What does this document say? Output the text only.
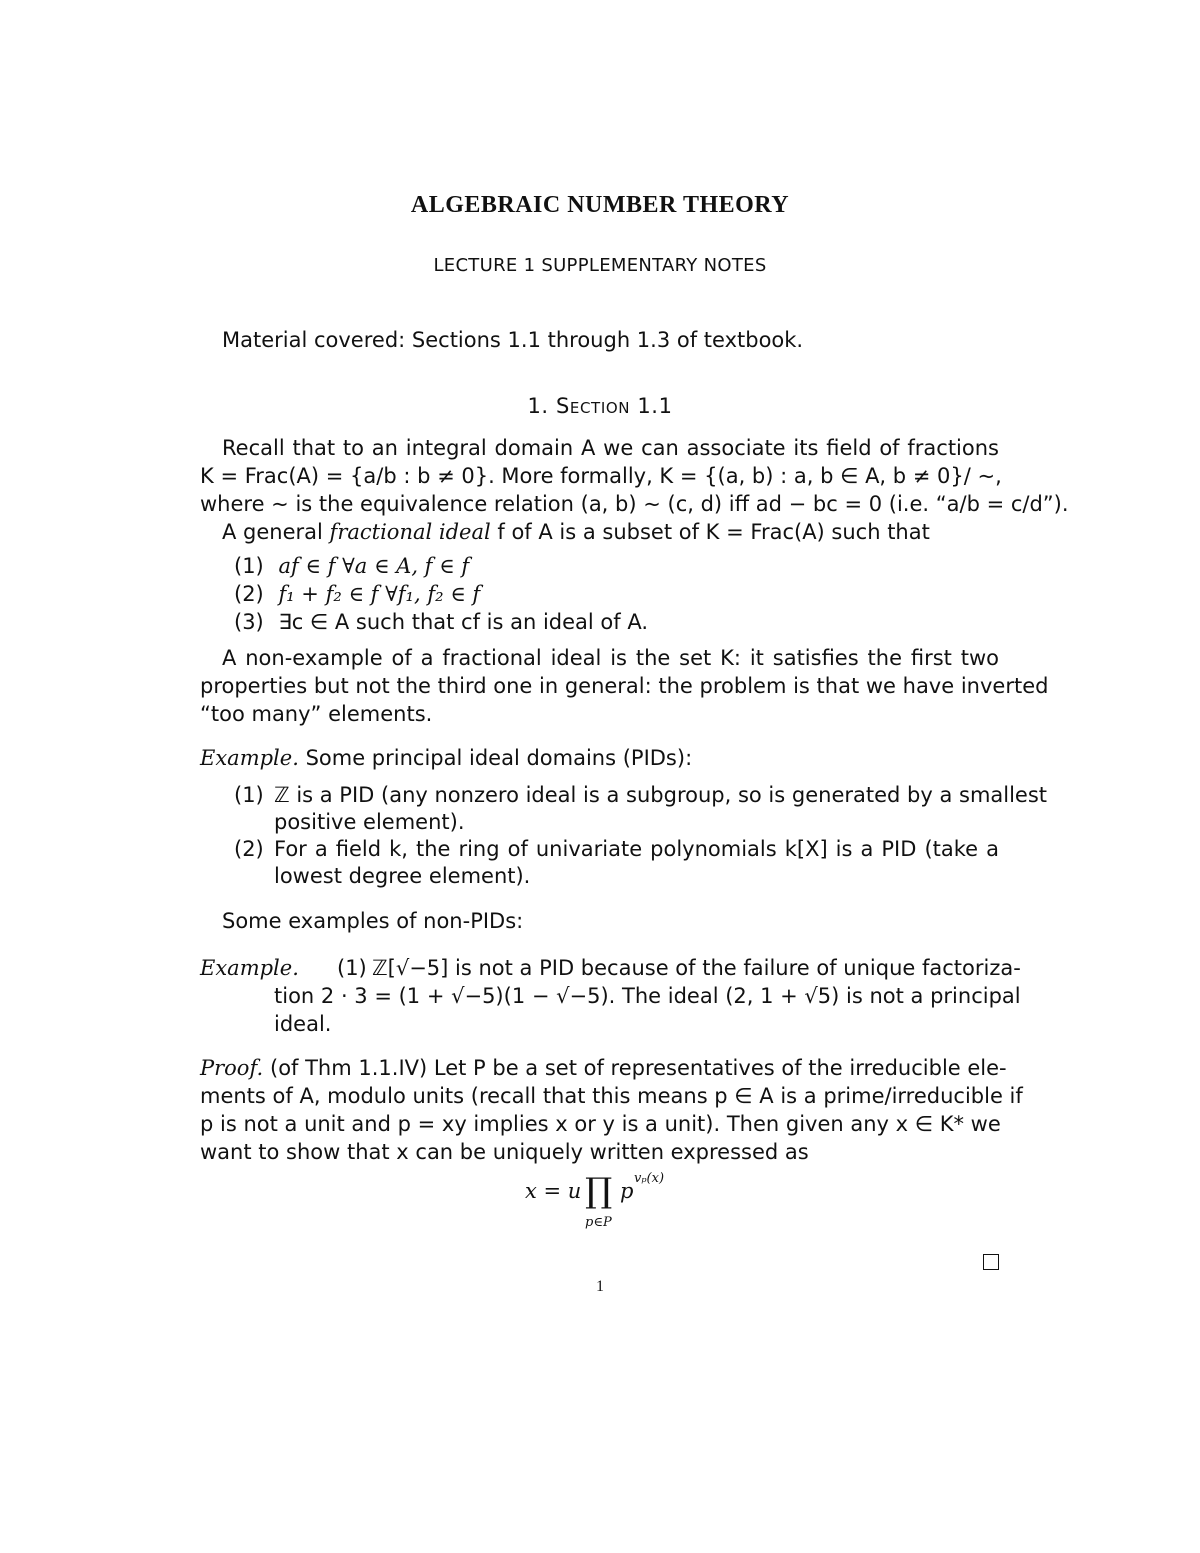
ALGEBRAIC NUMBER THEORY
LECTURE 1 SUPPLEMENTARY NOTES
Material covered: Sections 1.1 through 1.3 of textbook.
1. Section 1.1
Recall that to an integral domain A we can associate its field of fractions
K = Frac(A) = {a/b : b ≠ 0}. More formally, K = {(a, b) : a, b ∈ A, b ≠ 0}/ ∼,
where ∼ is the equivalence relation (a, b) ∼ (c, d) iff ad − bc = 0 (i.e. “a/b = c/d”).
A general fractional ideal f of A is a subset of K = Frac(A) such that
(1) af ∈ f ∀a ∈ A, f ∈ f
(2) f₁ + f₂ ∈ f ∀f₁, f₂ ∈ f
(3) ∃c ∈ A such that cf is an ideal of A.
A non-example of a fractional ideal is the set K: it satisfies the first two
properties but not the third one in general: the problem is that we have inverted
“too many” elements.
Example. Some principal ideal domains (PIDs):
(1) ℤ is a PID (any nonzero ideal is a subgroup, so is generated by a smallest
positive element).
(2) For a field k, the ring of univariate polynomials k[X] is a PID (take a
lowest degree element).
Some examples of non-PIDs:
Example. (1) ℤ[√−5] is not a PID because of the failure of unique factoriza-
tion 2 · 3 = (1 + √−5)(1 − √−5). The ideal (2, 1 + √5) is not a principal
ideal.
Proof. (of Thm 1.1.IV) Let P be a set of representatives of the irreducible ele-
ments of A, modulo units (recall that this means p ∈ A is a prime/irreducible if
p is not a unit and p = xy implies x or y is a unit). Then given any x ∈ K* we
want to show that x can be uniquely written expressed as
x = u ∏ p
vₚ(x)
p∈P
1
